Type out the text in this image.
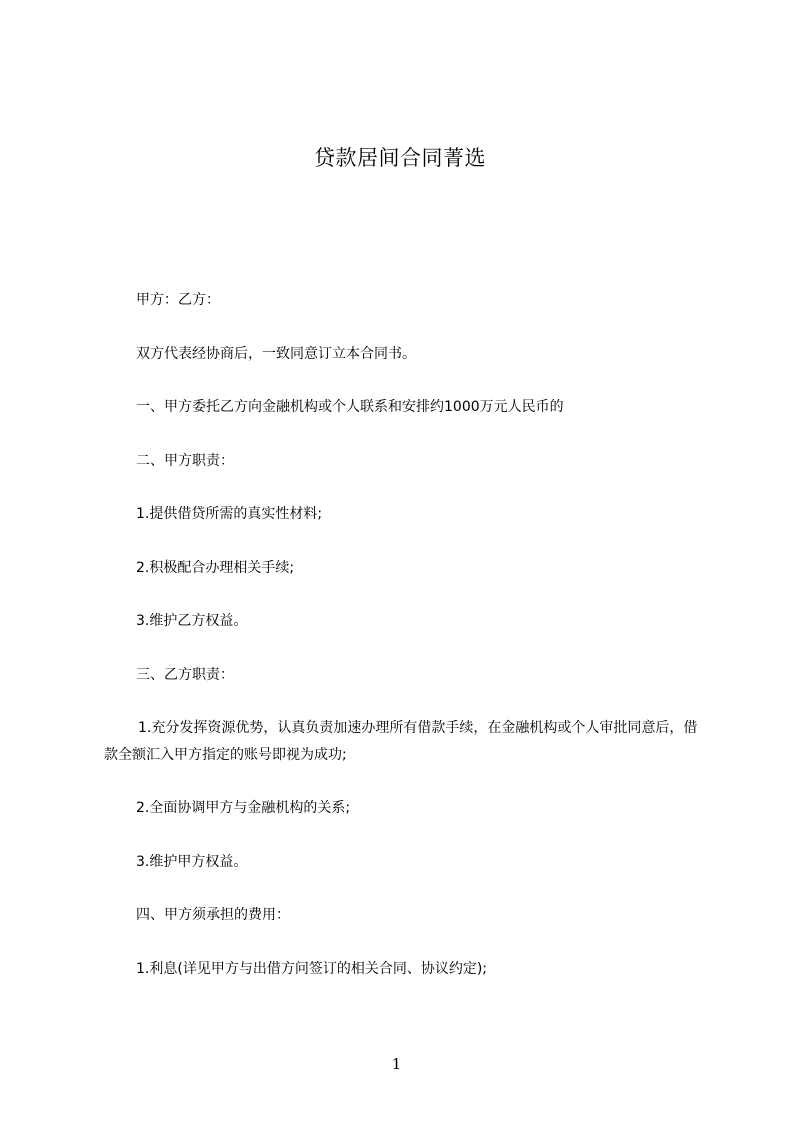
贷款居间合同菁选
甲方：乙方：
双方代表经协商后，一致同意订立本合同书。
一、甲方委托乙方向金融机构或个人联系和安排约1000万元人民币的
二、甲方职责：
1.提供借贷所需的真实性材料;
2.积极配合办理相关手续;
3.维护乙方权益。
三、乙方职责：
1.充分发挥资源优势，认真负责加速办理所有借款手续，在金融机构或个人审批同意后，借款全额汇入甲方指定的账号即视为成功;
2.全面协调甲方与金融机构的关系;
3.维护甲方权益。
四、甲方须承担的费用：
1.利息(详见甲方与出借方问签订的相关合同、协议约定);
1
